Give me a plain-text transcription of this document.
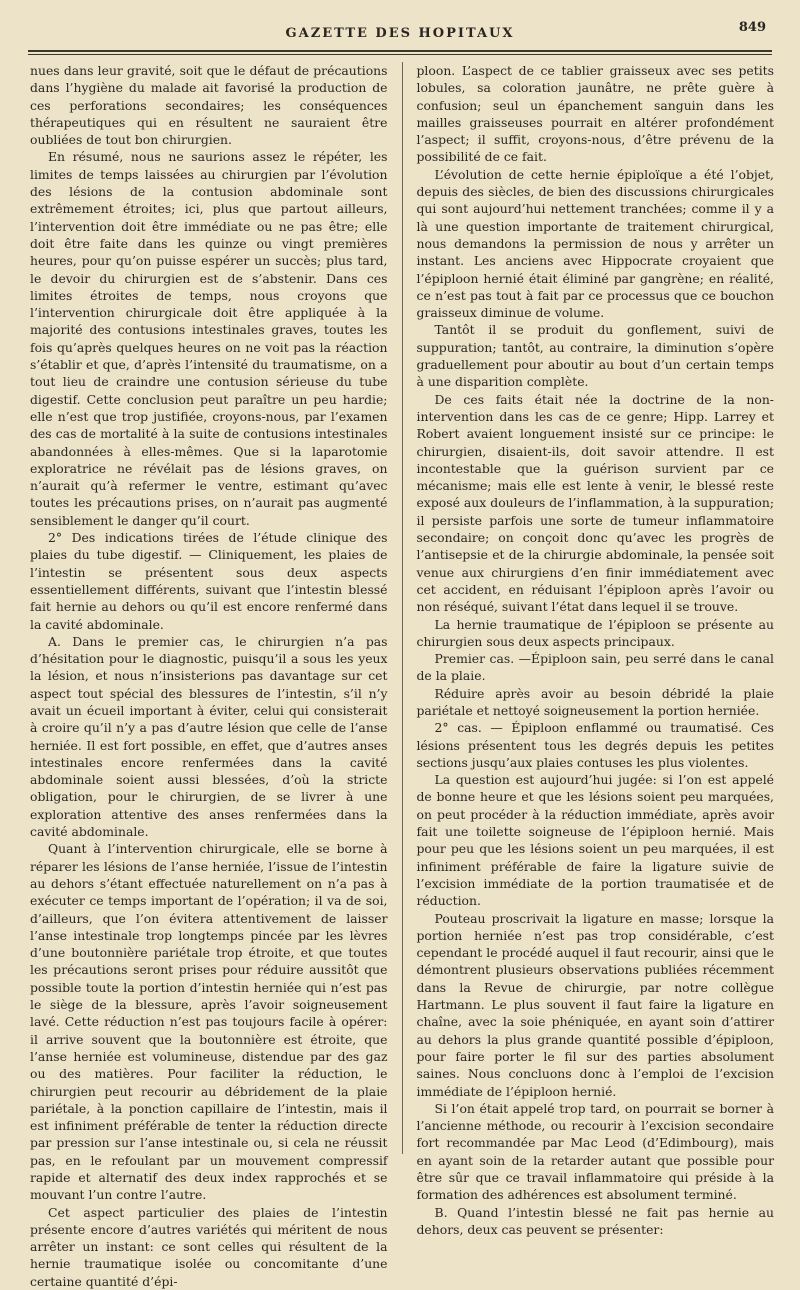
GAZETTE DES HOPITAUX	849

nues dans leur gravité, soit que le défaut de précautions dans l’hygiène du malade ait favorisé la production de ces perforations secondaires; les conséquences thérapeutiques qui en résultent ne sauraient être oubliées de tout bon chirurgien.

En résumé, nous ne saurions assez le répéter, les limites de temps laissées au chirurgien par l’évolution des lésions de la contusion abdominale sont extrêmement étroites; ici, plus que partout ailleurs, l’intervention doit être immédiate ou ne pas être; elle doit être faite dans les quinze ou vingt premières heures, pour qu’on puisse espérer un succès; plus tard, le devoir du chirurgien est de s’abstenir. Dans ces limites étroites de temps, nous croyons que l’intervention chirurgicale doit être appliquée à la majorité des contusions intestinales graves, toutes les fois qu’après quelques heures on ne voit pas la réaction s’établir et que, d’après l’intensité du traumatisme, on a tout lieu de craindre une contusion sérieuse du tube digestif. Cette conclusion peut paraître un peu hardie; elle n’est que trop justifiée, croyons-nous, par l’examen des cas de mortalité à la suite de contusions intestinales abandonnées à elles-mêmes. Que si la laparotomie exploratrice ne révélait pas de lésions graves, on n’aurait qu’à refermer le ventre, estimant qu’avec toutes les précautions prises, on n’aurait pas augmenté sensiblement le danger qu’il court.

2° Des indications tirées de l’étude clinique des plaies du tube digestif. — Cliniquement, les plaies de l’intestin se présentent sous deux aspects essentiellement différents, suivant que l’intestin blessé fait hernie au dehors ou qu’il est encore renfermé dans la cavité abdominale.

A. Dans le premier cas, le chirurgien n’a pas d’hésitation pour le diagnostic, puisqu’il a sous les yeux la lésion, et nous n’insisterions pas davantage sur cet aspect tout spécial des blessures de l’intestin, s’il n’y avait un écueil important à éviter, celui qui consisterait à croire qu’il n’y a pas d’autre lésion que celle de l’anse herniée. Il est fort possible, en effet, que d’autres anses intestinales encore renfermées dans la cavité abdominale soient aussi blessées, d’où la stricte obligation, pour le chirurgien, de se livrer à une exploration attentive des anses renfermées dans la cavité abdominale.

Quant à l’intervention chirurgicale, elle se borne à réparer les lésions de l’anse herniée, l’issue de l’intestin au dehors s’étant effectuée naturellement on n’a pas à exécuter ce temps important de l’opération; il va de soi, d’ailleurs, que l’on évitera attentivement de laisser l’anse intestinale trop longtemps pincée par les lèvres d’une boutonnière pariétale trop étroite, et que toutes les précautions seront prises pour réduire aussitôt que possible toute la portion d’intestin herniée qui n’est pas le siège de la blessure, après l’avoir soigneusement lavé. Cette réduction n’est pas toujours facile à opérer: il arrive souvent que la boutonnière est étroite, que l’anse herniée est volumineuse, distendue par des gaz ou des matières. Pour faciliter la réduction, le chirurgien peut recourir au débridement de la plaie pariétale, à la ponction capillaire de l’intestin, mais il est infiniment préférable de tenter la réduction directe par pression sur l’anse intestinale ou, si cela ne réussit pas, en le refoulant par un mouvement compressif rapide et alternatif des deux index rapprochés et se mouvant l’un contre l’autre.

Cet aspect particulier des plaies de l’intestin présente encore d’autres variétés qui méritent de nous arrêter un instant: ce sont celles qui résultent de la hernie traumatique isolée ou concomitante d’une certaine quantité d’épi-

ploon. L’aspect de ce tablier graisseux avec ses petits lobules, sa coloration jaunâtre, ne prête guère à confusion; seul un épanchement sanguin dans les mailles graisseuses pourrait en altérer profondément l’aspect; il suffit, croyons-nous, d’être prévenu de la possibilité de ce fait.

L’évolution de cette hernie épiploïque a été l’objet, depuis des siècles, de bien des discussions chirurgicales qui sont aujourd’hui nettement tranchées; comme il y a là une question importante de traitement chirurgical, nous demandons la permission de nous y arrêter un instant. Les anciens avec Hippocrate croyaient que l’épiploon hernié était éliminé par gangrène; en réalité, ce n’est pas tout à fait par ce processus que ce bouchon graisseux diminue de volume.

Tantôt il se produit du gonflement, suivi de suppuration; tantôt, au contraire, la diminution s’opère graduellement pour aboutir au bout d’un certain temps à une disparition complète.

De ces faits était née la doctrine de la non-intervention dans les cas de ce genre; Hipp. Larrey et Robert avaient longuement insisté sur ce principe: le chirurgien, disaient-ils, doit savoir attendre. Il est incontestable que la guérison survient par ce mécanisme; mais elle est lente à venir, le blessé reste exposé aux douleurs de l’inflammation, à la suppuration; il persiste parfois une sorte de tumeur inflammatoire secondaire; on conçoit donc qu’avec les progrès de l’antisepsie et de la chirurgie abdominale, la pensée soit venue aux chirurgiens d’en finir immédiatement avec cet accident, en réduisant l’épiploon après l’avoir ou non réséqué, suivant l’état dans lequel il se trouve.

La hernie traumatique de l’épiploon se présente au chirurgien sous deux aspects principaux.

Premier cas. —Épiploon sain, peu serré dans le canal de la plaie.

Réduire après avoir au besoin débridé la plaie pariétale et nettoyé soigneusement la portion herniée.

2° cas. — Épiploon enflammé ou traumatisé. Ces lésions présentent tous les degrés depuis les petites sections jusqu’aux plaies contuses les plus violentes.

La question est aujourd’hui jugée: si l’on est appelé de bonne heure et que les lésions soient peu marquées, on peut procéder à la réduction immédiate, après avoir fait une toilette soigneuse de l’épiploon hernié. Mais pour peu que les lésions soient un peu marquées, il est infiniment préférable de faire la ligature suivie de l’excision immédiate de la portion traumatisée et de réduction.

Pouteau proscrivait la ligature en masse; lorsque la portion herniée n’est pas trop considérable, c’est cependant le procédé auquel il faut recourir, ainsi que le démontrent plusieurs observations publiées récemment dans la Revue de chirurgie, par notre collègue Hartmann. Le plus souvent il faut faire la ligature en chaîne, avec la soie phéniquée, en ayant soin d’attirer au dehors la plus grande quantité possible d’épiploon, pour faire porter le fil sur des parties absolument saines. Nous concluons donc à l’emploi de l’excision immédiate de l’épiploon hernié.

Si l’on était appelé trop tard, on pourrait se borner à l’ancienne méthode, ou recourir à l’excision secondaire fort recommandée par Mac Leod (d’Edimbourg), mais en ayant soin de la retarder autant que possible pour être sûr que ce travail inflammatoire qui préside à la formation des adhérences est absolument terminé.

B. Quand l’intestin blessé ne fait pas hernie au dehors, deux cas peuvent se présenter:
